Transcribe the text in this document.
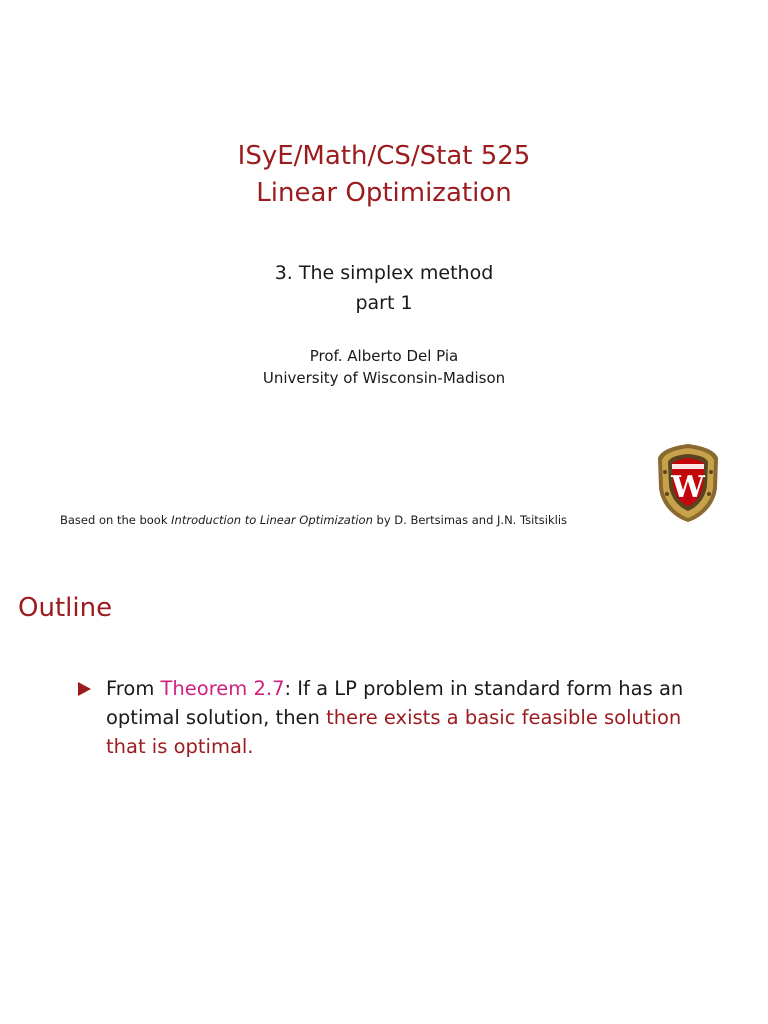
ISyE/Math/CS/Stat 525
Linear Optimization
3. The simplex method
part 1
Prof. Alberto Del Pia
University of Wisconsin-Madison
W
Based on the book Introduction to Linear Optimization by D. Bertsimas and J.N. Tsitsiklis
Outline
From Theorem 2.7: If a LP problem in standard form has an optimal solution, then there exists a basic feasible solution that is optimal.
